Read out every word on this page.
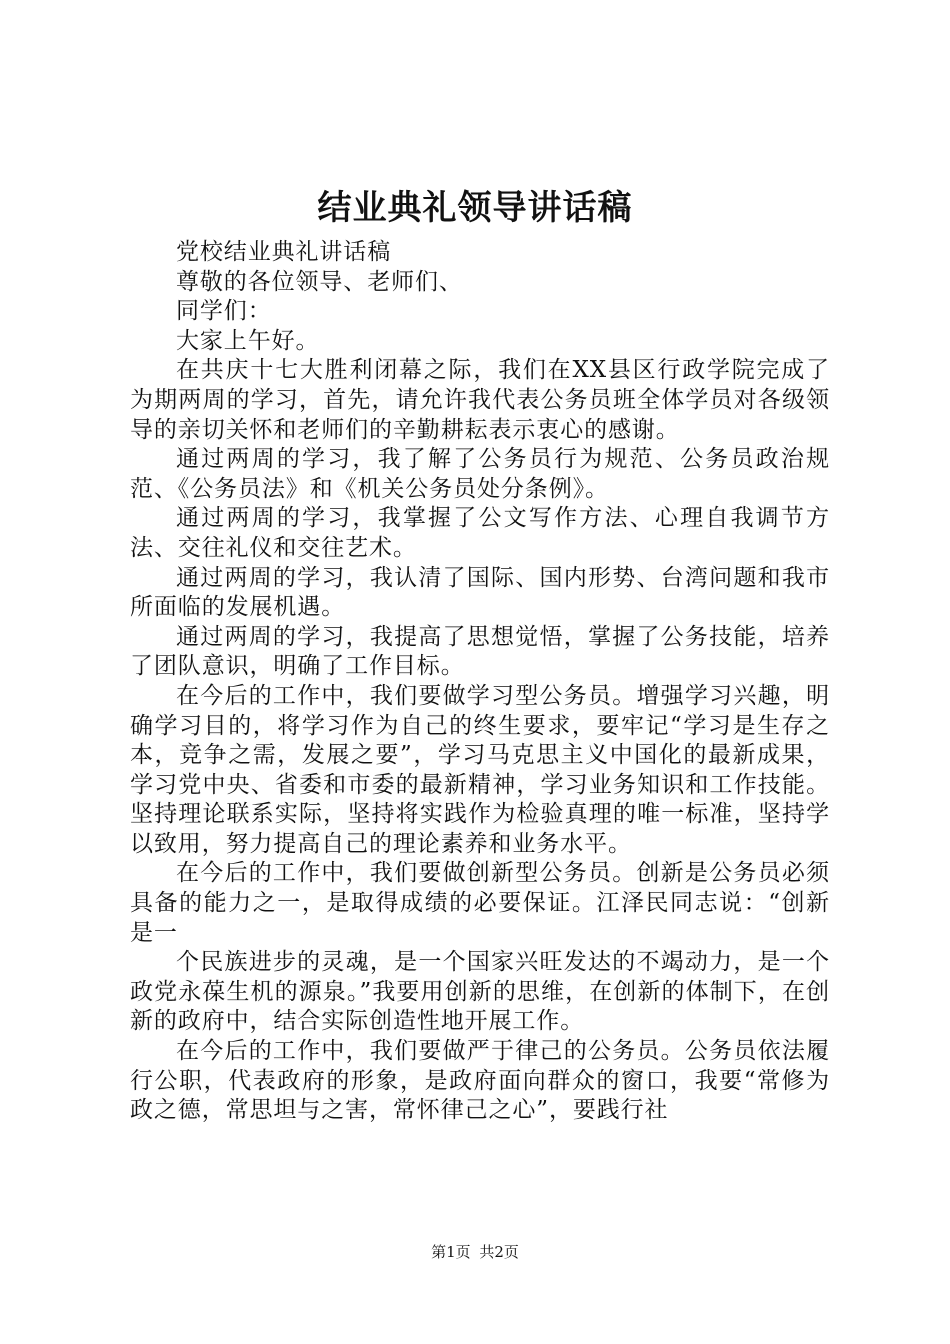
结业典礼领导讲话稿

党校结业典礼讲话稿

尊敬的各位领导、老师们、

同学们：

大家上午好。

在共庆十七大胜利闭幕之际，我们在XX县区行政学院完成了为期两周的学习，首先，请允许我代表公务员班全体学员对各级领导的亲切关怀和老师们的辛勤耕耘表示衷心的感谢。

通过两周的学习，我了解了公务员行为规范、公务员政治规范、《公务员法》和《机关公务员处分条例》。

通过两周的学习，我掌握了公文写作方法、心理自我调节方法、交往礼仪和交往艺术。

通过两周的学习，我认清了国际、国内形势、台湾问题和我市所面临的发展机遇。

通过两周的学习，我提高了思想觉悟，掌握了公务技能，培养了团队意识，明确了工作目标。

在今后的工作中，我们要做学习型公务员。增强学习兴趣，明确学习目的，将学习作为自己的终生要求，要牢记“学习是生存之本，竞争之需，发展之要”，学习马克思主义中国化的最新成果，学习党中央、省委和市委的最新精神，学习业务知识和工作技能。坚持理论联系实际，坚持将实践作为检验真理的唯一标准，坚持学以致用，努力提高自己的理论素养和业务水平。

在今后的工作中，我们要做创新型公务员。创新是公务员必须具备的能力之一，是取得成绩的必要保证。江泽民同志说：“创新是一

个民族进步的灵魂，是一个国家兴旺发达的不竭动力，是一个政党永葆生机的源泉。”我要用创新的思维，在创新的体制下，在创新的政府中，结合实际创造性地开展工作。

在今后的工作中，我们要做严于律己的公务员。公务员依法履行公职，代表政府的形象，是政府面向群众的窗口，我要“常修为政之德，常思坦与之害，常怀律己之心”，要践行社

第1页 共2页
